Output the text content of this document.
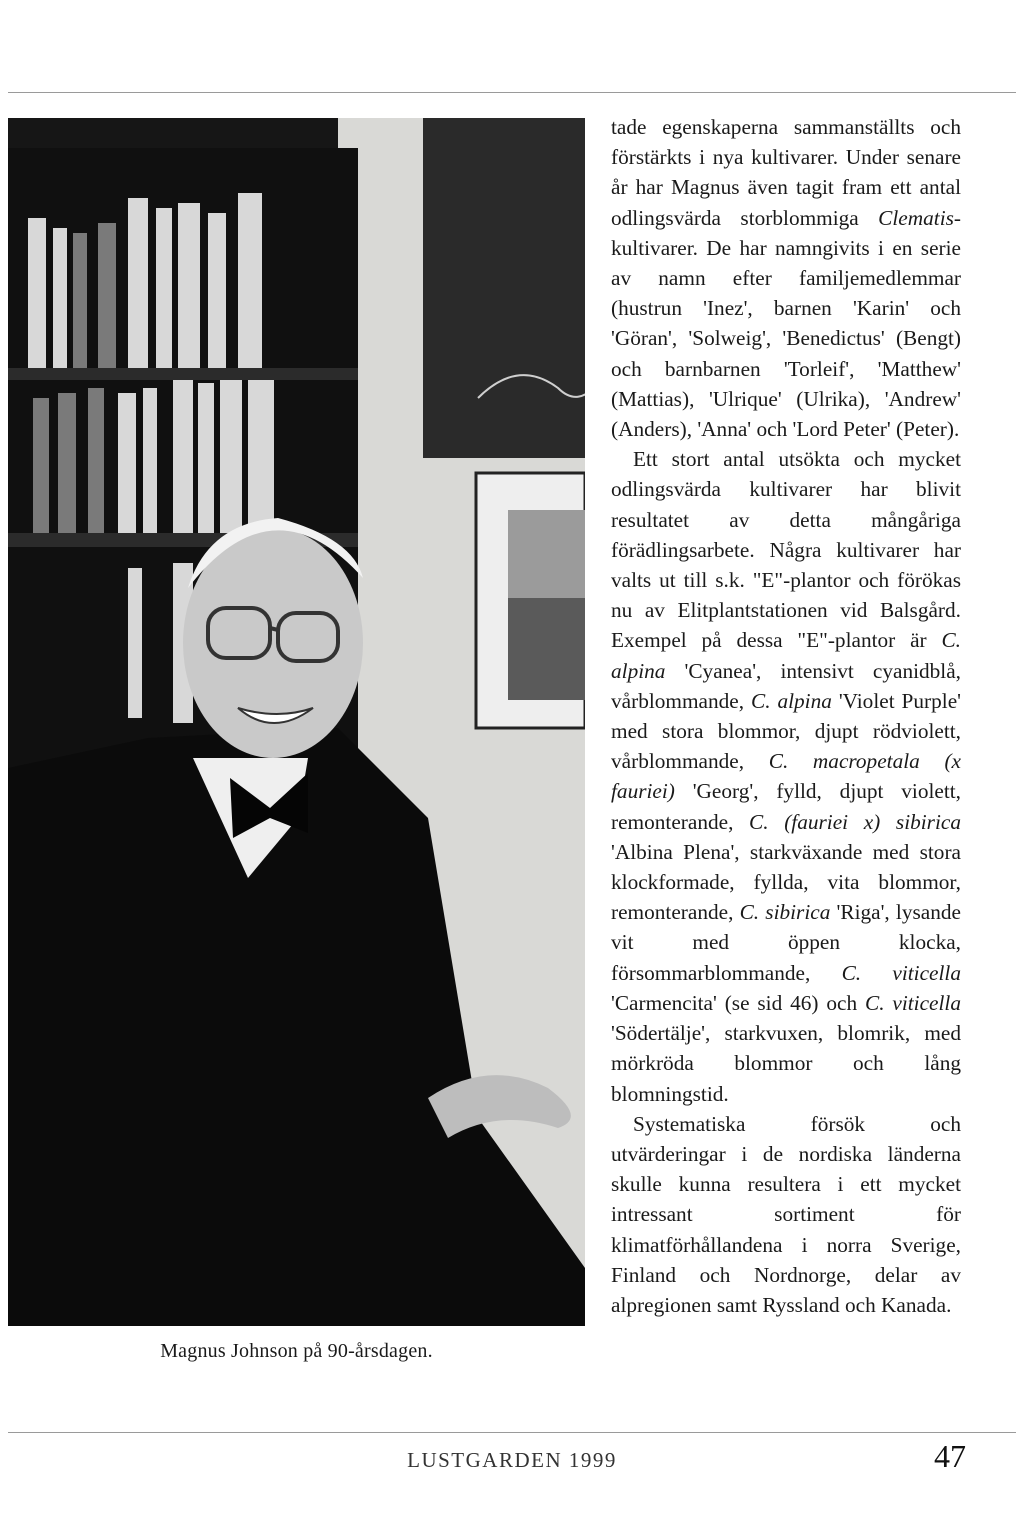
Magnus Johnson på 90-årsdagen.

tade egenskaperna sammanställts och förstärkts i nya kultivarer. Under senare år har Magnus även tagit fram ett antal odlingsvärda storblommiga Clematis-kultivarer. De har namngivits i en serie av namn efter familjemedlemmar (hustrun 'Inez', barnen 'Karin' och 'Göran', 'Solweig', 'Benedictus' (Bengt) och barnbarnen 'Torleif', 'Matthew' (Mattias), 'Ulrique' (Ulrika), 'Andrew' (Anders), 'Anna' och 'Lord Peter' (Peter).

Ett stort antal utsökta och mycket odlingsvärda kultivarer har blivit resultatet av detta mångåriga förädlingsarbete. Några kultivarer har valts ut till s.k. "E"-plantor och förökas nu av Elitplantstationen vid Balsgård. Exempel på dessa "E"-plantor är C. alpina 'Cyanea', intensivt cyanidblå, vårblommande, C. alpina 'Violet Purple' med stora blommor, djupt rödviolett, vårblommande, C. macropetala (x fauriei) 'Georg', fylld, djupt violett, remonterande, C. (fauriei x) sibirica 'Albina Plena', starkväxande med stora klockformade, fyllda, vita blommor, remonterande, C. sibirica 'Riga', lysande vit med öppen klocka, försommarblommande, C. viticella 'Carmencita' (se sid 46) och C. viticella 'Södertälje', starkvuxen, blomrik, med mörkröda blommor och lång blomningstid.

Systematiska försök och utvärderingar i de nordiska länderna skulle kunna resultera i ett mycket intressant sortiment för klimatförhållandena i norra Sverige, Finland och Nordnorge, delar av alpregionen samt Ryssland och Kanada.

LUSTGARDEN 1999	47
